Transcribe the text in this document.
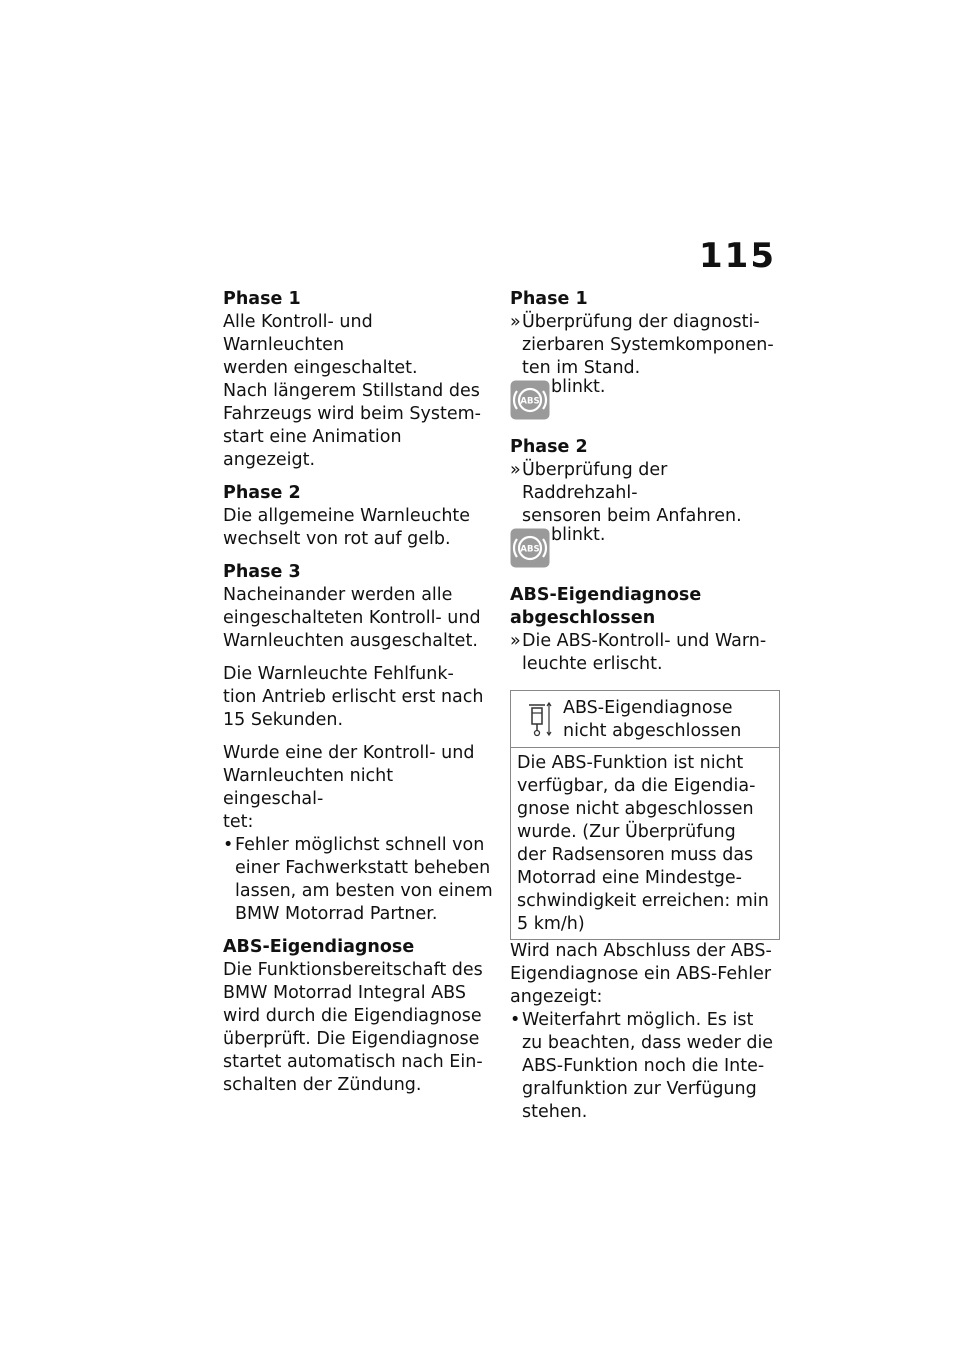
115
Phase 1
Alle Kontroll- und Warnleuchten
werden eingeschaltet.
Nach längerem Stillstand des
Fahrzeugs wird beim System-
start eine Animation angezeigt.
Phase 2
Die allgemeine Warnleuchte
wechselt von rot auf gelb.
Phase 3
Nacheinander werden alle
eingeschalteten Kontroll- und
Warnleuchten ausgeschaltet.
Die Warnleuchte Fehlfunk-
tion Antrieb erlischt erst nach
15 Sekunden.
Wurde eine der Kontroll- und
Warnleuchten nicht eingeschal-
tet:
• Fehler möglichst schnell von
einer Fachwerkstatt beheben
lassen, am besten von einem
BMW Motorrad Partner.
ABS-Eigendiagnose
Die Funktionsbereitschaft des
BMW Motorrad Integral ABS
wird durch die Eigendiagnose
überprüft. Die Eigendiagnose
startet automatisch nach Ein-
schalten der Zündung.
Phase 1
» Überprüfung der diagnosti-
zierbaren Systemkomponen-
ten im Stand.
ABS
blinkt.
Phase 2
» Überprüfung der Raddrehzahl-
sensoren beim Anfahren.
ABS
blinkt.
ABS-Eigendiagnose
abgeschlossen
» Die ABS-Kontroll- und Warn-
leuchte erlischt.
ABS-Eigendiagnose
nicht abgeschlossen
Die ABS-Funktion ist nicht
verfügbar, da die Eigendia-
gnose nicht abgeschlossen
wurde. (Zur Überprüfung
der Radsensoren muss das
Motorrad eine Mindestge-
schwindigkeit erreichen: min
5 km/h)
Wird nach Abschluss der ABS-
Eigendiagnose ein ABS-Fehler
angezeigt:
• Weiterfahrt möglich. Es ist
zu beachten, dass weder die
ABS-Funktion noch die Inte-
gralfunktion zur Verfügung
stehen.
